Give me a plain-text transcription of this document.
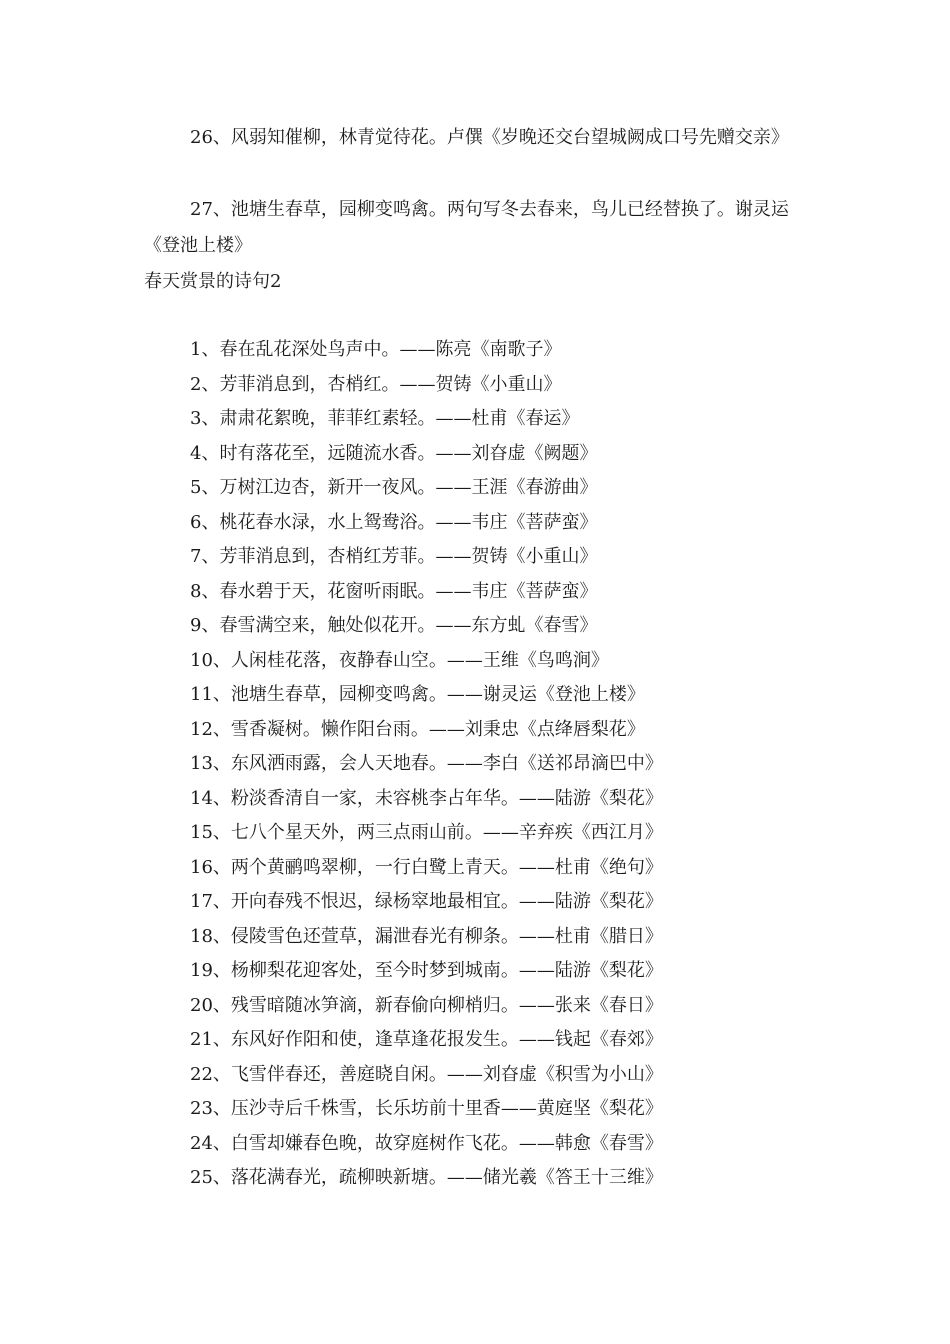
26、风弱知催柳，林青觉待花。卢僎《岁晚还交台望城阙成口号先赠交亲》

27、池塘生春草，园柳变鸣禽。两句写冬去春来，鸟儿已经替换了。谢灵运《登池上楼》

春天赏景的诗句2
1、春在乱花深处鸟声中。——陈亮《南歌子》
2、芳菲消息到，杏梢红。——贺铸《小重山》
3、肃肃花絮晚，菲菲红素轻。——杜甫《春运》
4、时有落花至，远随流水香。——刘昚虚《阙题》
5、万树江边杏，新开一夜风。——王涯《春游曲》
6、桃花春水渌，水上鸳鸯浴。——韦庄《菩萨蛮》
7、芳菲消息到，杏梢红芳菲。——贺铸《小重山》
8、春水碧于天，花窗听雨眠。——韦庄《菩萨蛮》
9、春雪满空来，触处似花开。——东方虬《春雪》
10、人闲桂花落，夜静春山空。——王维《鸟鸣涧》
11、池塘生春草，园柳变鸣禽。——谢灵运《登池上楼》
12、雪香凝树。懒作阳台雨。——刘秉忠《点绛唇梨花》
13、东风洒雨露，会人天地春。——李白《送祁昂滴巴中》
14、粉淡香清自一家，未容桃李占年华。——陆游《梨花》
15、七八个星天外，两三点雨山前。——辛弃疾《西江月》
16、两个黄鹂鸣翠柳，一行白鹭上青天。——杜甫《绝句》
17、开向春残不恨迟，绿杨窣地最相宜。——陆游《梨花》
18、侵陵雪色还萱草，漏泄春光有柳条。——杜甫《腊日》
19、杨柳梨花迎客处，至今时梦到城南。——陆游《梨花》
20、残雪暗随冰笋滴，新春偷向柳梢归。——张来《春日》
21、东风好作阳和使，逢草逢花报发生。——钱起《春郊》
22、飞雪伴春还，善庭晓自闲。——刘昚虚《积雪为小山》
23、压沙寺后千株雪，长乐坊前十里香——黄庭坚《梨花》
24、白雪却嫌春色晚，故穿庭树作飞花。——韩愈《春雪》
25、落花满春光，疏柳映新塘。——储光羲《答王十三维》
